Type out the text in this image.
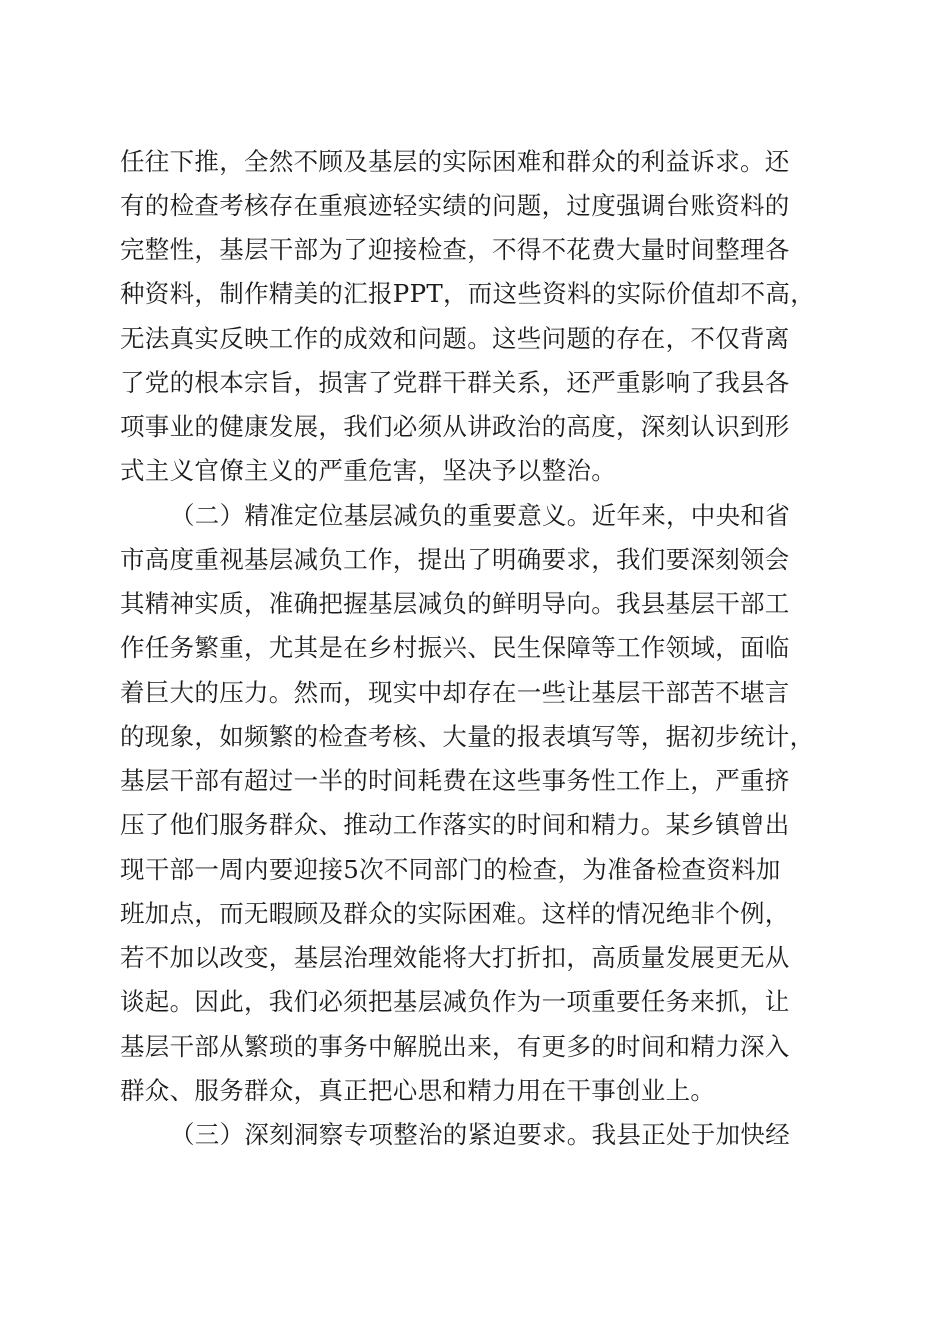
任往下推，全然不顾及基层的实际困难和群众的利益诉求。还
有的检查考核存在重痕迹轻实绩的问题，过度强调台账资料的
完整性，基层干部为了迎接检查，不得不花费大量时间整理各
种资料，制作精美的汇报PPT，而这些资料的实际价值却不高，
无法真实反映工作的成效和问题。这些问题的存在，不仅背离
了党的根本宗旨，损害了党群干群关系，还严重影响了我县各
项事业的健康发展，我们必须从讲政治的高度，深刻认识到形
式主义官僚主义的严重危害，坚决予以整治。
（二）精准定位基层减负的重要意义。近年来，中央和省
市高度重视基层减负工作，提出了明确要求，我们要深刻领会
其精神实质，准确把握基层减负的鲜明导向。我县基层干部工
作任务繁重，尤其是在乡村振兴、民生保障等工作领域，面临
着巨大的压力。然而，现实中却存在一些让基层干部苦不堪言
的现象，如频繁的检查考核、大量的报表填写等，据初步统计，
基层干部有超过一半的时间耗费在这些事务性工作上，严重挤
压了他们服务群众、推动工作落实的时间和精力。某乡镇曾出
现干部一周内要迎接5次不同部门的检查，为准备检查资料加
班加点，而无暇顾及群众的实际困难。这样的情况绝非个例，
若不加以改变，基层治理效能将大打折扣，高质量发展更无从
谈起。因此，我们必须把基层减负作为一项重要任务来抓，让
基层干部从繁琐的事务中解脱出来，有更多的时间和精力深入
群众、服务群众，真正把心思和精力用在干事创业上。
（三）深刻洞察专项整治的紧迫要求。我县正处于加快经
